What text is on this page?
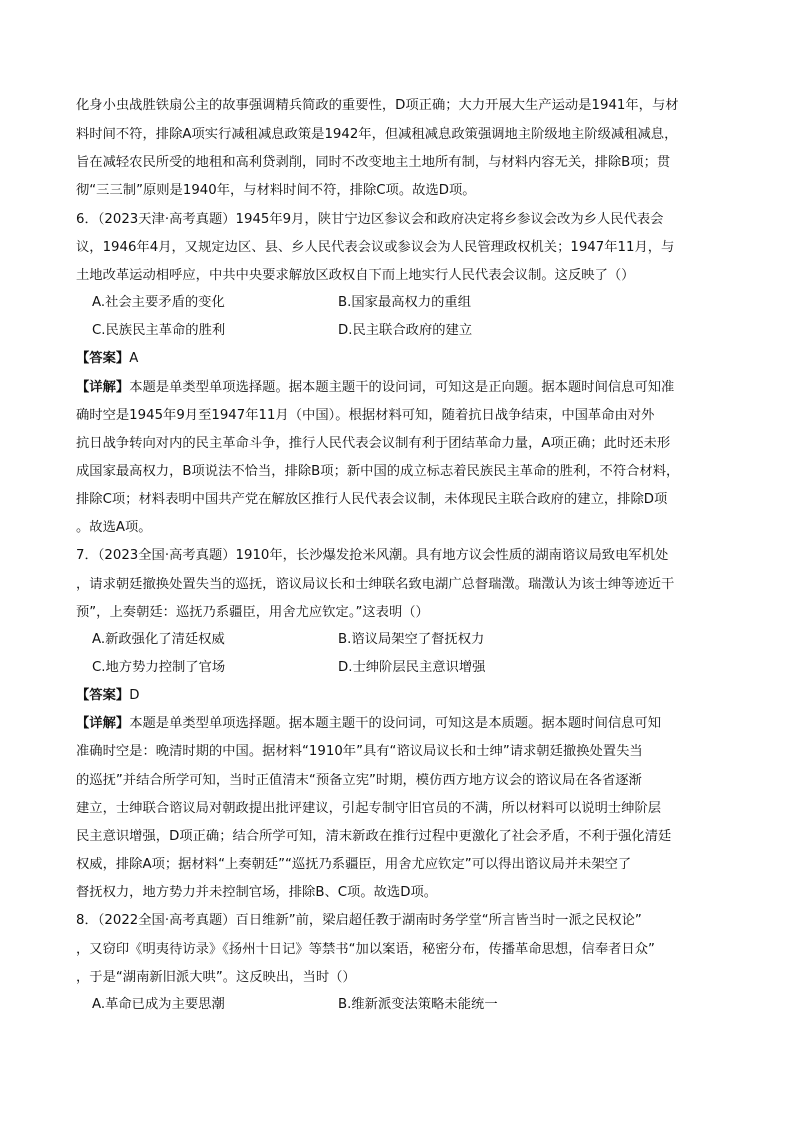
化身小虫战胜铁扇公主的故事强调精兵简政的重要性，D项正确；大力开展大生产运动是1941年，与材
料时间不符，排除A项实行减租减息政策是1942年，但减租减息政策强调地主阶级地主阶级减租减息，
旨在减轻农民所受的地租和高利贷剥削，同时不改变地主土地所有制，与材料内容无关，排除B项；贯
彻“三三制”原则是1940年，与材料时间不符，排除C项。故选D项。
6．（2023天津·高考真题）1945年9月，陕甘宁边区参议会和政府决定将乡参议会改为乡人民代表会
议，1946年4月，又规定边区、县、乡人民代表会议或参议会为人民管理政权机关；1947年11月，与
土地改革运动相呼应，中共中央要求解放区政权自下而上地实行人民代表会议制。这反映了（）
A.社会主要矛盾的变化	B.国家最高权力的重组
C.民族民主革命的胜利	D.民主联合政府的建立
【答案】A
【详解】本题是单类型单项选择题。据本题主题干的设问词，可知这是正向题。据本题时间信息可知准
确时空是1945年9月至1947年11月（中国）。根据材料可知，随着抗日战争结束，中国革命由对外
抗日战争转向对内的民主革命斗争，推行人民代表会议制有利于团结革命力量，A项正确；此时还未形
成国家最高权力，B项说法不恰当，排除B项；新中国的成立标志着民族民主革命的胜利，不符合材料，
排除C项；材料表明中国共产党在解放区推行人民代表会议制，未体现民主联合政府的建立，排除D项
。故选A项。
7．（2023全国·高考真题）1910年，长沙爆发抢米风潮。具有地方议会性质的湖南谘议局致电军机处
，请求朝廷撤换处置失当的巡抚，谘议局议长和士绅联名致电湖广总督瑞澂。瑞澂认为该士绅等迹近干
预”，上奏朝廷：巡抚乃系疆臣，用舍尤应钦定。”这表明（）
A.新政强化了清廷权威	B.谘议局架空了督抚权力
C.地方势力控制了官场	D.士绅阶层民主意识增强
【答案】D
【详解】本题是单类型单项选择题。据本题主题干的设问词，可知这是本质题。据本题时间信息可知
准确时空是：晚清时期的中国。据材料“1910年”具有“谘议局议长和士绅”请求朝廷撤换处置失当
的巡抚”并结合所学可知，当时正值清末“预备立宪”时期，模仿西方地方议会的谘议局在各省逐渐
建立，士绅联合谘议局对朝政提出批评建议，引起专制守旧官员的不满，所以材料可以说明士绅阶层
民主意识增强，D项正确；结合所学可知，清末新政在推行过程中更激化了社会矛盾，不利于强化清廷
权威，排除A项；据材料“上奏朝廷”“巡抚乃系疆臣，用舍尤应钦定”可以得出谘议局并未架空了
督抚权力，地方势力并未控制官场，排除B、C项。故选D项。
8．（2022全国·高考真题）百日维新”前，梁启超任教于湖南时务学堂“所言皆当时一派之民权论”
，又窃印《明夷待访录》《扬州十日记》等禁书“加以案语，秘密分布，传播革命思想，信奉者日众”
，于是“湖南新旧派大哄”。这反映出，当时（）
A.革命已成为主要思潮	B.维新派变法策略未能统一
